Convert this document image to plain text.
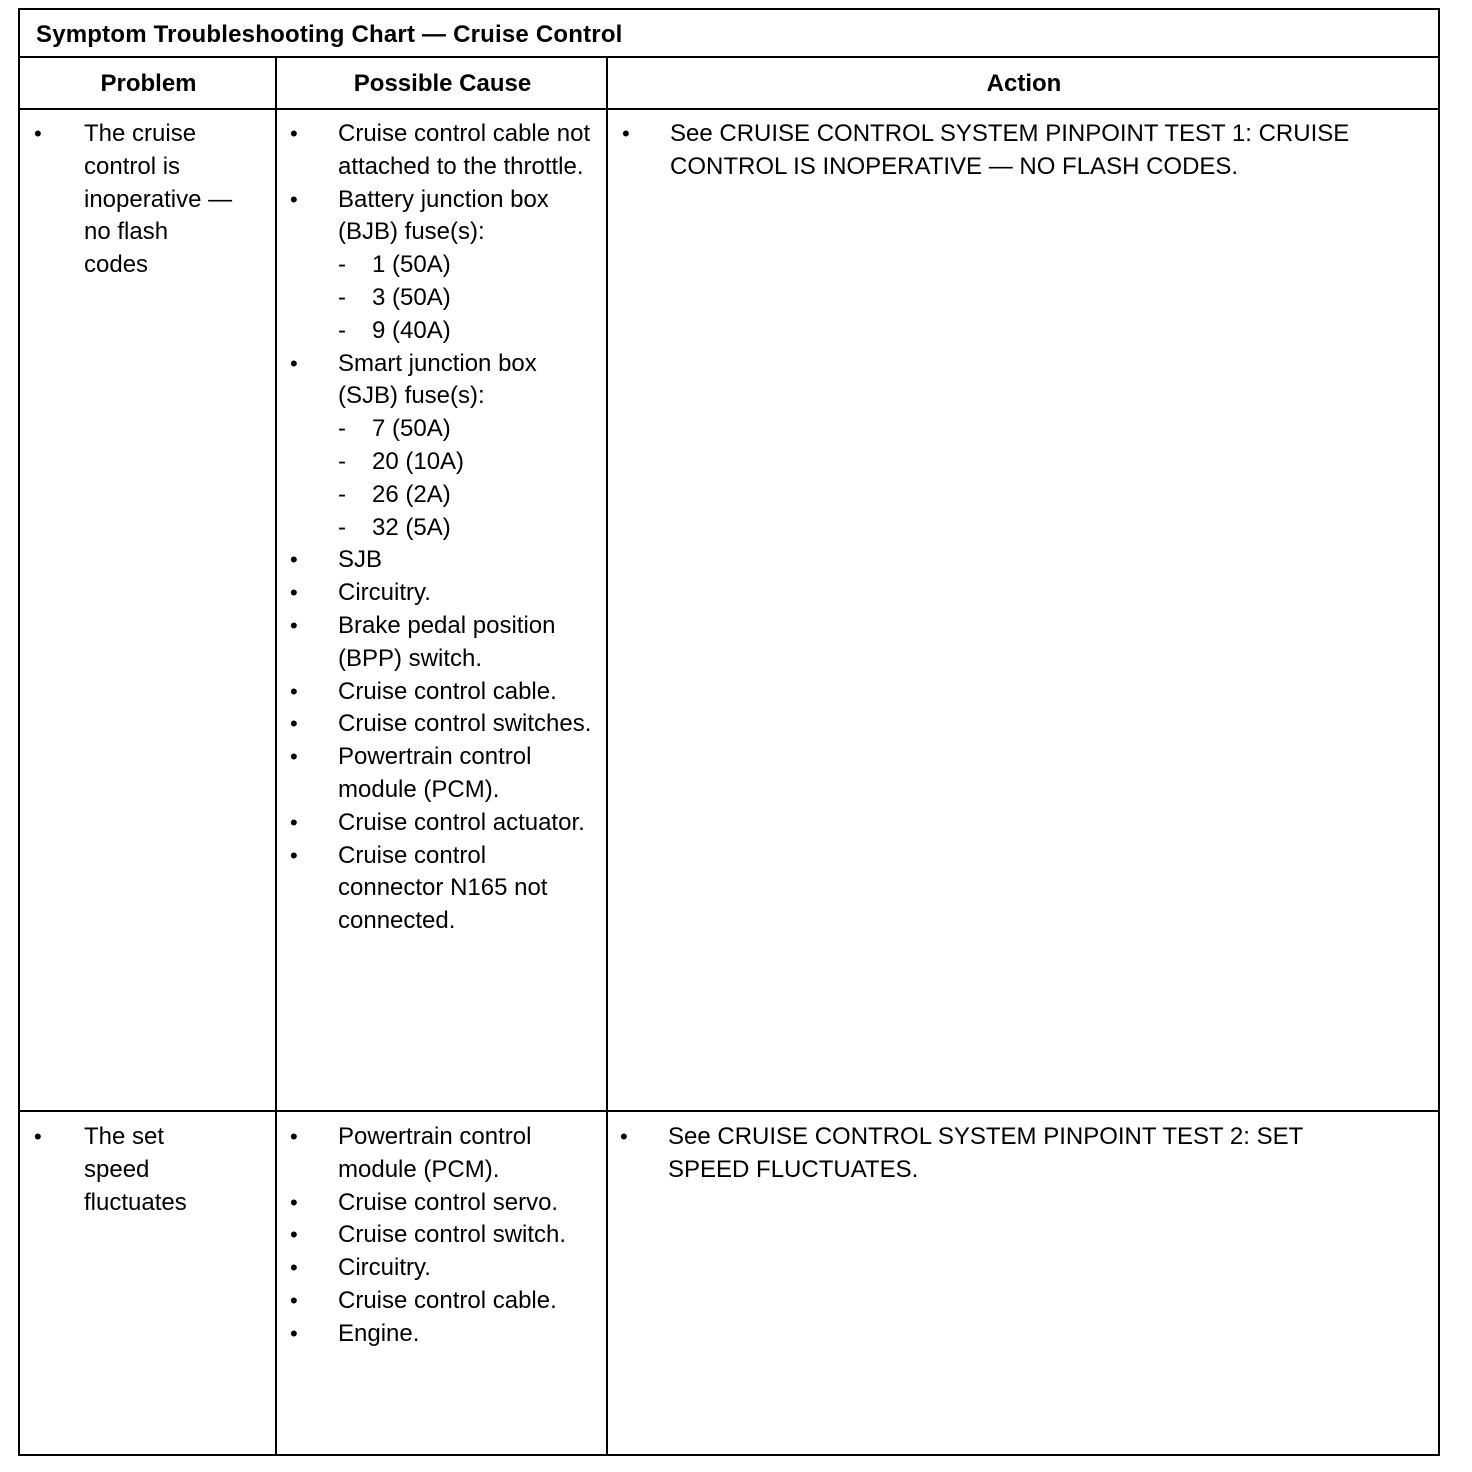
Symptom Troubleshooting Chart — Cruise Control
Problem	Possible Cause	Action
• The cruise control is inoperative — no flash codes
• Cruise control cable not attached to the throttle.
• Battery junction box (BJB) fuse(s):
- 1 (50A)
- 3 (50A)
- 9 (40A)
• Smart junction box (SJB) fuse(s):
- 7 (50A)
- 20 (10A)
- 26 (2A)
- 32 (5A)
• SJB
• Circuitry.
• Brake pedal position (BPP) switch.
• Cruise control cable.
• Cruise control switches.
• Powertrain control module (PCM).
• Cruise control actuator.
• Cruise control connector N165 not connected.
• See CRUISE CONTROL SYSTEM PINPOINT TEST 1: CRUISE CONTROL IS INOPERATIVE — NO FLASH CODES.
• The set speed fluctuates
• Powertrain control module (PCM).
• Cruise control servo.
• Cruise control switch.
• Circuitry.
• Cruise control cable.
• Engine.
• See CRUISE CONTROL SYSTEM PINPOINT TEST 2: SET SPEED FLUCTUATES.
